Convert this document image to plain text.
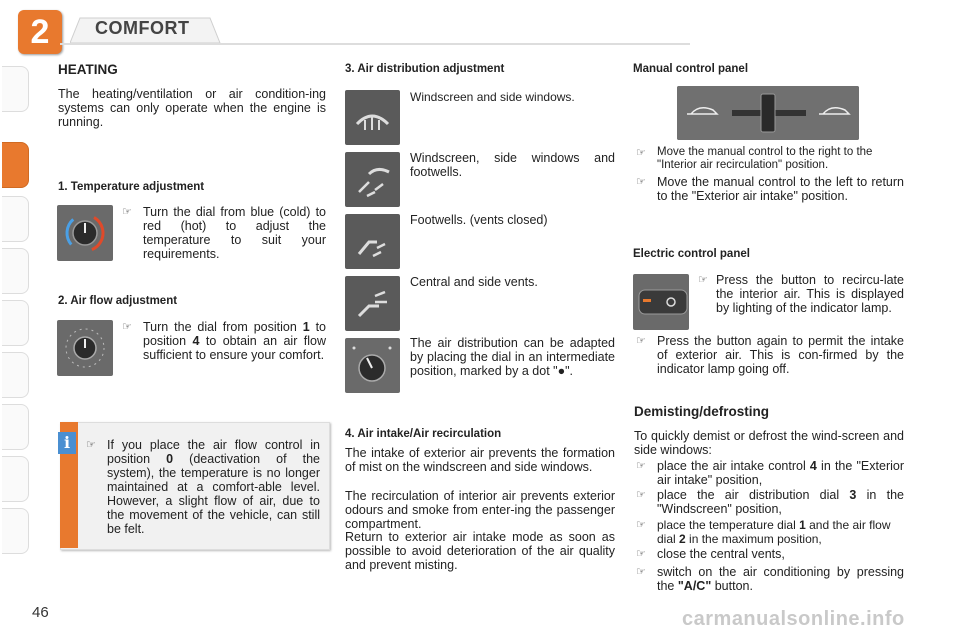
2	COMFORT
HEATING

The heating/ventilation or air condition-ing systems can only operate when the engine is running.

1. Temperature adjustment
☞ Turn the dial from blue (cold) to red (hot) to adjust the temperature to suit your requirements.
2. Air flow adjustment
☞ Turn the dial from position 1 to position 4 to obtain an air flow sufficient to ensure your comfort.
i	☞ If you place the air flow control in position 0 (deactivation of the system), the temperature is no longer maintained at a comfort-able level. However, a slight flow of air, due to the movement of the vehicle, can still be felt.
3. Air distribution adjustment

Windscreen and side windows.

Windscreen, side windows and footwells.

Footwells. (vents closed)

Central and side vents.

The air distribution can be adapted by placing the dial in an intermediate position, marked by a dot "●".

4. Air intake/Air recirculation

The intake of exterior air prevents the formation of mist on the windscreen and side windows.

The recirculation of interior air prevents exterior odours and smoke from enter-ing the passenger compartment.

Return to exterior air intake mode as soon as possible to avoid deterioration of the air quality and prevent misting.

Manual control panel
☞ Move the manual control to the right to the "Interior air recirculation" position.
☞ Move the manual control to the left to return to the "Exterior air intake" position.
Electric control panel
☞ Press the button to recircu-late the interior air. This is displayed by lighting of the indicator lamp.
☞ Press the button again to permit the intake of exterior air. This is con-firmed by the indicator lamp going off.
Demisting/defrosting

To quickly demist or defrost the wind-screen and side windows:

☞ place the air intake control 4 in the "Exterior air intake" position,
☞ place the air distribution dial 3 in the "Windscreen" position,
☞ place the temperature dial 1 and the air flow dial 2 in the maximum position,
☞ close the central vents,
☞ switch on the air conditioning by pressing the "A/C" button.
46	carmanualsonline.info
